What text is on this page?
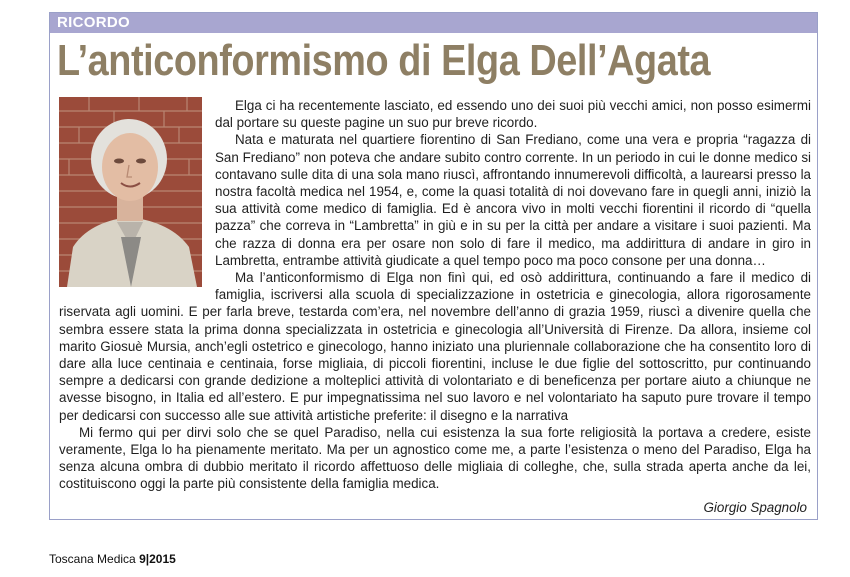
RICORDO
L’anticonformismo di Elga Dell’Agata

Elga ci ha recentemente lasciato, ed essendo uno dei suoi più vecchi amici, non posso esimermi dal portare su queste pagine un suo pur breve ricordo.

Nata e maturata nel quartiere fiorentino di San Frediano, come una vera e propria “ragazza di San Frediano” non poteva che andare subito contro corrente. In un periodo in cui le donne medico si contavano sulle dita di una sola mano riuscì, affrontando innumerevoli difficoltà, a laurearsi presso la nostra facoltà medica nel 1954, e, come la quasi totalità di noi dovevano fare in quegli anni, iniziò la sua attività come medico di famiglia. Ed è ancora vivo in molti vecchi fiorentini il ricordo di “quella pazza” che correva in “Lambretta” in giù e in su per la città per andare a visitare i suoi pazienti. Ma che razza di donna era per osare non solo di fare il medico, ma addirittura di andare in giro in Lambretta, entrambe attività giudicate a quel tempo poco ma poco consone per una donna…

Ma l’anticonformismo di Elga non finì qui, ed osò addirittura, continuando a fare il medico di famiglia, iscriversi alla scuola di specializzazione in ostetricia e ginecologia, allora rigorosamente riservata agli uomini. E per farla breve, testarda com’era, nel novembre dell’anno di grazia 1959, riuscì a divenire quella che sembra essere stata la prima donna specializzata in ostetricia e ginecologia all’Università di Firenze. Da allora, insieme col marito Giosuè Mursia, anch’egli ostetrico e ginecologo, hanno iniziato una pluriennale collaborazione che ha consentito loro di dare alla luce centinaia e centinaia, forse migliaia, di piccoli fiorentini, incluse le due figlie del sottoscritto, pur continuando sempre a dedicarsi con grande dedizione a molteplici attività di volontariato e di beneficenza per portare aiuto a chiunque ne avesse bisogno, in Italia ed all’estero. E pur impegnatissima nel suo lavoro e nel volontariato ha saputo pure trovare il tempo per dedicarsi con successo alle sue attività artistiche preferite: il disegno e la narrativa

Mi fermo qui per dirvi solo che se quel Paradiso, nella cui esistenza la sua forte religiosità la portava a credere, esiste veramente, Elga lo ha pienamente meritato. Ma per un agnostico come me, a parte l’esistenza o meno del Paradiso, Elga ha senza alcuna ombra di dubbio meritato il ricordo affettuoso delle migliaia di colleghe, che, sulla strada aperta anche da lei, costituiscono oggi la parte più consistente della famiglia medica.

Giorgio Spagnolo
Toscana Medica 9|2015
